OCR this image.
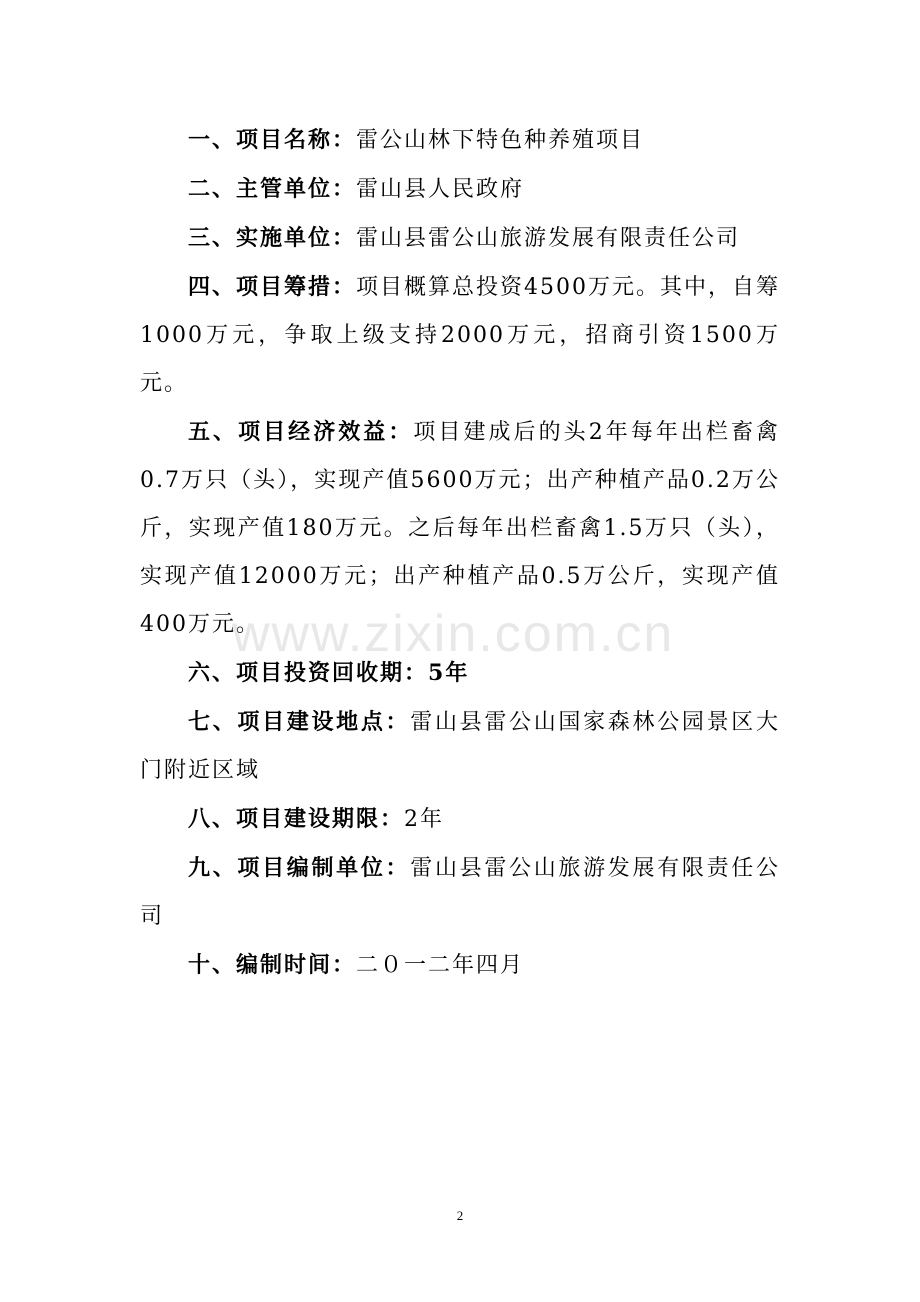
一、项目名称：雷公山林下特色种养殖项目

二、主管单位：雷山县人民政府

三、实施单位：雷山县雷公山旅游发展有限责任公司

四、项目筹措：项目概算总投资4500万元。其中，自筹1000万元，争取上级支持2000万元，招商引资1500万元。

五、项目经济效益：项目建成后的头2年每年出栏畜禽0.7万只（头），实现产值5600万元；出产种植产品0.2万公斤，实现产值180万元。之后每年出栏畜禽1.5万只（头），实现产值12000万元；出产种植产品0.5万公斤，实现产值400万元。

六、项目投资回收期：5年

七、项目建设地点：雷山县雷公山国家森林公园景区大门附近区域

八、项目建设期限：2年

九、项目编制单位：雷山县雷公山旅游发展有限责任公司

十、编制时间：二０一二年四月

www.zixin.com.cn
2
